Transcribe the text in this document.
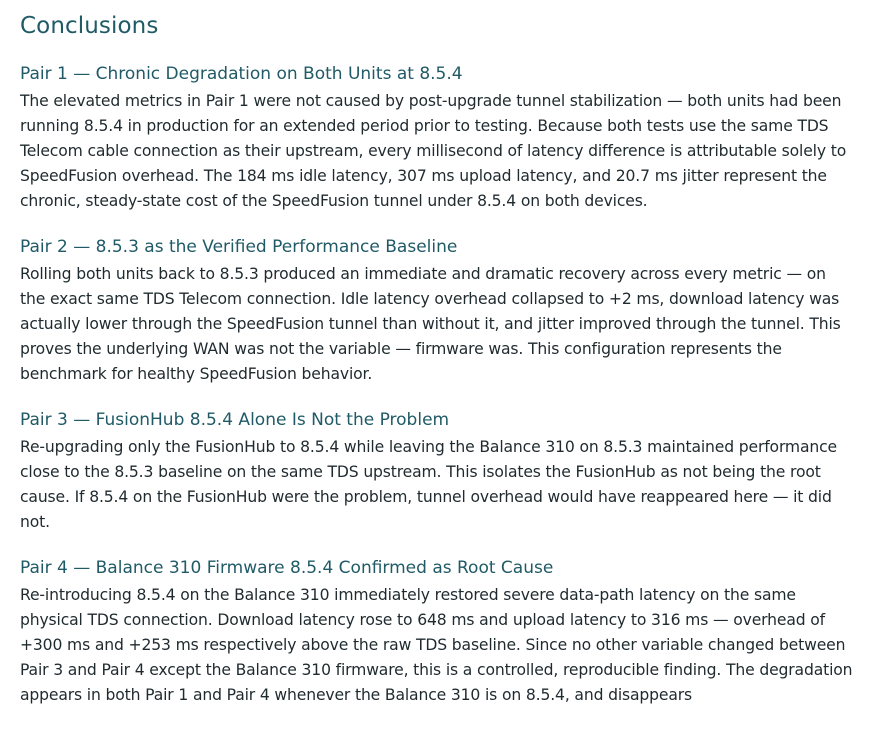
Conclusions
Pair 1 — Chronic Degradation on Both Units at 8.5.4

The elevated metrics in Pair 1 were not caused by post-upgrade tunnel stabilization — both units had been running 8.5.4 in production for an extended period prior to testing. Because both tests use the same TDS Telecom cable connection as their upstream, every millisecond of latency difference is attributable solely to SpeedFusion overhead. The 184 ms idle latency, 307 ms upload latency, and 20.7 ms jitter represent the chronic, steady-state cost of the SpeedFusion tunnel under 8.5.4 on both devices.

Pair 2 — 8.5.3 as the Verified Performance Baseline

Rolling both units back to 8.5.3 produced an immediate and dramatic recovery across every metric — on the exact same TDS Telecom connection. Idle latency overhead collapsed to +2 ms, download latency was actually lower through the SpeedFusion tunnel than without it, and jitter improved through the tunnel. This proves the underlying WAN was not the variable — firmware was. This configuration represents the benchmark for healthy SpeedFusion behavior.

Pair 3 — FusionHub 8.5.4 Alone Is Not the Problem

Re-upgrading only the FusionHub to 8.5.4 while leaving the Balance 310 on 8.5.3 maintained performance close to the 8.5.3 baseline on the same TDS upstream. This isolates the FusionHub as not being the root cause. If 8.5.4 on the FusionHub were the problem, tunnel overhead would have reappeared here — it did not.

Pair 4 — Balance 310 Firmware 8.5.4 Confirmed as Root Cause

Re-introducing 8.5.4 on the Balance 310 immediately restored severe data-path latency on the same physical TDS connection. Download latency rose to 648 ms and upload latency to 316 ms — overhead of +300 ms and +253 ms respectively above the raw TDS baseline. Since no other variable changed between Pair 3 and Pair 4 except the Balance 310 firmware, this is a controlled, reproducible finding. The degradation appears in both Pair 1 and Pair 4 whenever the Balance 310 is on 8.5.4, and disappears
